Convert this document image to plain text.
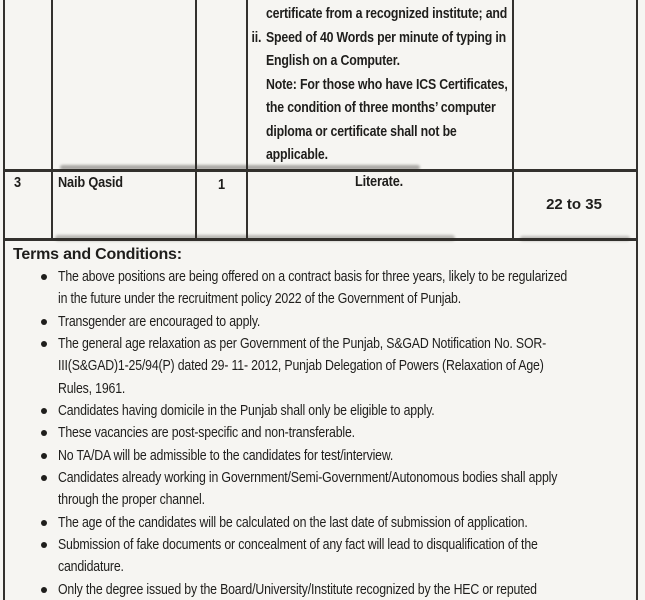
certificate from a recognized institute; and
ii. Speed of 40 Words per minute of typing in
English on a Computer.
Note: For those who have ICS Certificates,
the condition of three months’ computer
diploma or certificate shall not be
applicable.
3 Naib Qasid	1	Literate.
22 to 35
Terms and Conditions:
The above positions are being offered on a contract basis for three years, likely to be regularized
in the future under the recruitment policy 2022 of the Government of Punjab.
Transgender are encouraged to apply.
The general age relaxation as per Government of the Punjab, S&GAD Notification No. SOR-
III(S&GAD)1-25/94(P) dated 29- 11- 2012, Punjab Delegation of Powers (Relaxation of Age)
Rules, 1961.
Candidates having domicile in the Punjab shall only be eligible to apply.
These vacancies are post-specific and non-transferable.
No TA/DA will be admissible to the candidates for test/interview.
Candidates already working in Government/Semi-Government/Autonomous bodies shall apply
through the proper channel.
The age of the candidates will be calculated on the last date of submission of application.
Submission of fake documents or concealment of any fact will lead to disqualification of the
candidature.
Only the degree issued by the Board/University/Institute recognized by the HEC or reputed
